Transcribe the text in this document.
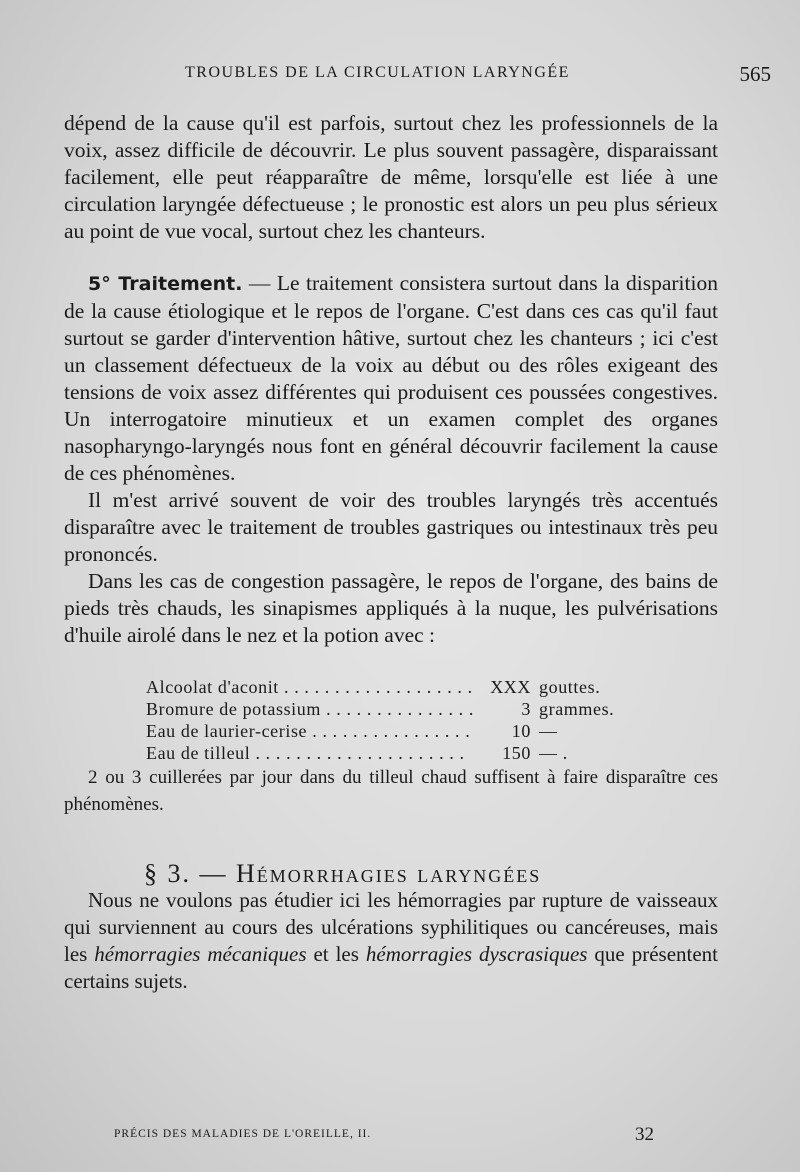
TROUBLES DE LA CIRCULATION LARYNGÉE	565

dépend de la cause qu'il est parfois, surtout chez les professionnels de la voix, assez difficile de découvrir. Le plus souvent passagère, disparaissant facilement, elle peut réapparaître de même, lorsqu'elle est liée à une circulation laryngée défectueuse ; le pronostic est alors un peu plus sérieux au point de vue vocal, surtout chez les chanteurs.

5° Traitement. — Le traitement consistera surtout dans la disparition de la cause étiologique et le repos de l'organe. C'est dans ces cas qu'il faut surtout se garder d'intervention hâtive, surtout chez les chanteurs ; ici c'est un classement défectueux de la voix au début ou des rôles exigeant des tensions de voix assez différentes qui produisent ces poussées congestives. Un interrogatoire minutieux et un examen complet des organes nasopharyngo-laryngés nous font en général découvrir facilement la cause de ces phénomènes.

Il m'est arrivé souvent de voir des troubles laryngés très accentués disparaître avec le traitement de troubles gastriques ou intestinaux très peu prononcés.

Dans les cas de congestion passagère, le repos de l'organe, des bains de pieds très chauds, les sinapismes appliqués à la nuque, les pulvérisations d'huile airolé dans le nez et la potion avec :

Alcoolat d'aconit . . .	XXX gouttes.
Bromure de potassium . . .	3 grammes.
Eau de laurier-cerise . . .	10 —
Eau de tilleul . . .	150 — .

2 ou 3 cuillerées par jour dans du tilleul chaud suffisent à faire disparaître ces phénomènes.

§ 3. — Hémorrhagies laryngées

Nous ne voulons pas étudier ici les hémorragies par rupture de vaisseaux qui surviennent au cours des ulcérations syphilitiques ou cancéreuses, mais les hémorragies mécaniques et les hémorragies dyscrasiques que présentent certains sujets.

PRÉCIS DES MALADIES DE L'OREILLE, II.	32
